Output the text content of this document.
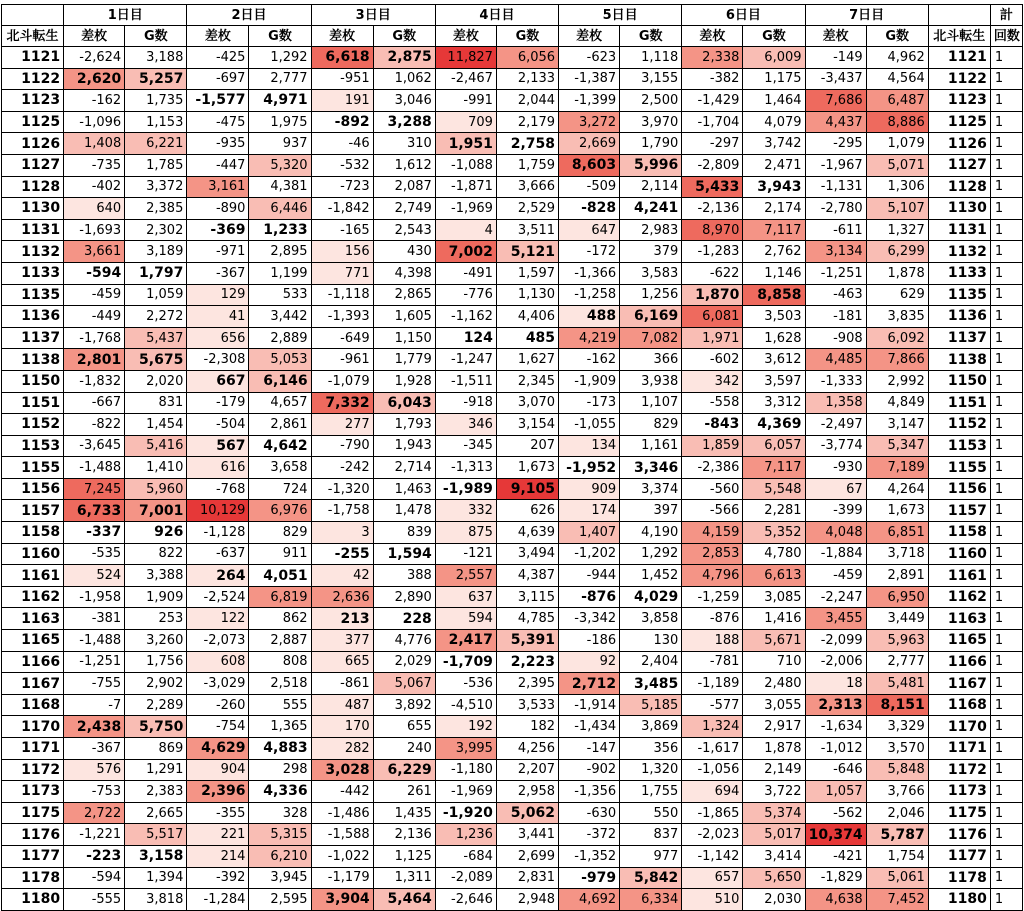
	1日目		2日目		3日目		4日目		5日目		6日目		7日目			計
北斗転生	差枚	G数	差枚	G数	差枚	G数	差枚	G数	差枚	G数	差枚	G数	差枚	G数	北斗転生	回数
1121	-2,624	3,188	-425	1,292	6,618	2,875	11,827	6,056	-623	1,118	2,338	6,009	-149	4,962	1121	1
1122	2,620	5,257	-697	2,777	-951	1,062	-2,467	2,133	-1,387	3,155	-382	1,175	-3,437	4,564	1122	1
1123	-162	1,735	-1,577	4,971	191	3,046	-991	2,044	-1,399	2,500	-1,429	1,464	7,686	6,487	1123	1
1125	-1,096	1,153	-475	1,975	-892	3,288	709	2,179	3,272	3,970	-1,704	4,079	4,437	8,886	1125	1
1126	1,408	6,221	-935	937	-46	310	1,951	2,758	2,669	1,790	-297	3,742	-295	1,079	1126	1
1127	-735	1,785	-447	5,320	-532	1,612	-1,088	1,759	8,603	5,996	-2,809	2,471	-1,967	5,071	1127	1
1128	-402	3,372	3,161	4,381	-723	2,087	-1,871	3,666	-509	2,114	5,433	3,943	-1,131	1,306	1128	1
1130	640	2,385	-890	6,446	-1,842	2,749	-1,969	2,529	-828	4,241	-2,136	2,174	-2,780	5,107	1130	1
1131	-1,693	2,302	-369	1,233	-165	2,543	4	3,511	647	2,983	8,970	7,117	-611	1,327	1131	1
1132	3,661	3,189	-971	2,895	156	430	7,002	5,121	-172	379	-1,283	2,762	3,134	6,299	1132	1
1133	-594	1,797	-367	1,199	771	4,398	-491	1,597	-1,366	3,583	-622	1,146	-1,251	1,878	1133	1
1135	-459	1,059	129	533	-1,118	2,865	-776	1,130	-1,258	1,256	1,870	8,858	-463	629	1135	1
1136	-449	2,272	41	3,442	-1,393	1,605	-1,162	4,406	488	6,169	6,081	3,503	-181	3,835	1136	1
1137	-1,768	5,437	656	2,889	-649	1,150	124	485	4,219	7,082	1,971	1,628	-908	6,092	1137	1
1138	2,801	5,675	-2,308	5,053	-961	1,779	-1,247	1,627	-162	366	-602	3,612	4,485	7,866	1138	1
1150	-1,832	2,020	667	6,146	-1,079	1,928	-1,511	2,345	-1,909	3,938	342	3,597	-1,333	2,992	1150	1
1151	-667	831	-179	4,657	7,332	6,043	-918	3,070	-173	1,107	-558	3,312	1,358	4,849	1151	1
1152	-822	1,454	-504	2,861	277	1,793	346	3,154	-1,055	829	-843	4,369	-2,497	3,147	1152	1
1153	-3,645	5,416	567	4,642	-790	1,943	-345	207	134	1,161	1,859	6,057	-3,774	5,347	1153	1
1155	-1,488	1,410	616	3,658	-242	2,714	-1,313	1,673	-1,952	3,346	-2,386	7,117	-930	7,189	1155	1
1156	7,245	5,960	-768	724	-1,320	1,463	-1,989	9,105	909	3,374	-560	5,548	67	4,264	1156	1
1157	6,733	7,001	10,129	6,976	-1,758	1,478	332	626	174	397	-566	2,281	-399	1,673	1157	1
1158	-337	926	-1,128	829	3	839	875	4,639	1,407	4,190	4,159	5,352	4,048	6,851	1158	1
1160	-535	822	-637	911	-255	1,594	-121	3,494	-1,202	1,292	2,853	4,780	-1,884	3,718	1160	1
1161	524	3,388	264	4,051	42	388	2,557	4,387	-944	1,452	4,796	6,613	-459	2,891	1161	1
1162	-1,958	1,909	-2,524	6,819	2,636	2,890	637	3,115	-876	4,029	-1,259	3,085	-2,247	6,950	1162	1
1163	-381	253	122	862	213	228	594	4,785	-3,342	3,858	-876	1,416	3,455	3,449	1163	1
1165	-1,488	3,260	-2,073	2,887	377	4,776	2,417	5,391	-186	130	188	5,671	-2,099	5,963	1165	1
1166	-1,251	1,756	608	808	665	2,029	-1,709	2,223	92	2,404	-781	710	-2,006	2,777	1166	1
1167	-755	2,902	-3,029	2,518	-861	5,067	-536	2,395	2,712	3,485	-1,189	2,480	18	5,481	1167	1
1168	-7	2,289	-260	555	487	3,892	-4,510	3,533	-1,914	5,185	-577	3,055	2,313	8,151	1168	1
1170	2,438	5,750	-754	1,365	170	655	192	182	-1,434	3,869	1,324	2,917	-1,634	3,329	1170	1
1171	-367	869	4,629	4,883	282	240	3,995	4,256	-147	356	-1,617	1,878	-1,012	3,570	1171	1
1172	576	1,291	904	298	3,028	6,229	-1,180	2,207	-902	1,320	-1,056	2,149	-646	5,848	1172	1
1173	-753	2,383	2,396	4,336	-442	261	-1,969	2,958	-1,356	1,755	694	3,722	1,057	3,766	1173	1
1175	2,722	2,665	-355	328	-1,486	1,435	-1,920	5,062	-630	550	-1,865	5,374	-562	2,046	1175	1
1176	-1,221	5,517	221	5,315	-1,588	2,136	1,236	3,441	-372	837	-2,023	5,017	10,374	5,787	1176	1
1177	-223	3,158	214	6,210	-1,022	1,125	-684	2,699	-1,352	977	-1,142	3,414	-421	1,754	1177	1
1178	-594	1,394	-392	3,945	-1,179	1,311	-2,089	2,831	-979	5,842	657	5,650	-1,829	5,061	1178	1
1180	-555	3,818	-1,284	2,595	3,904	5,464	-2,646	2,948	4,692	6,334	510	2,030	4,638	7,452	1180	1
